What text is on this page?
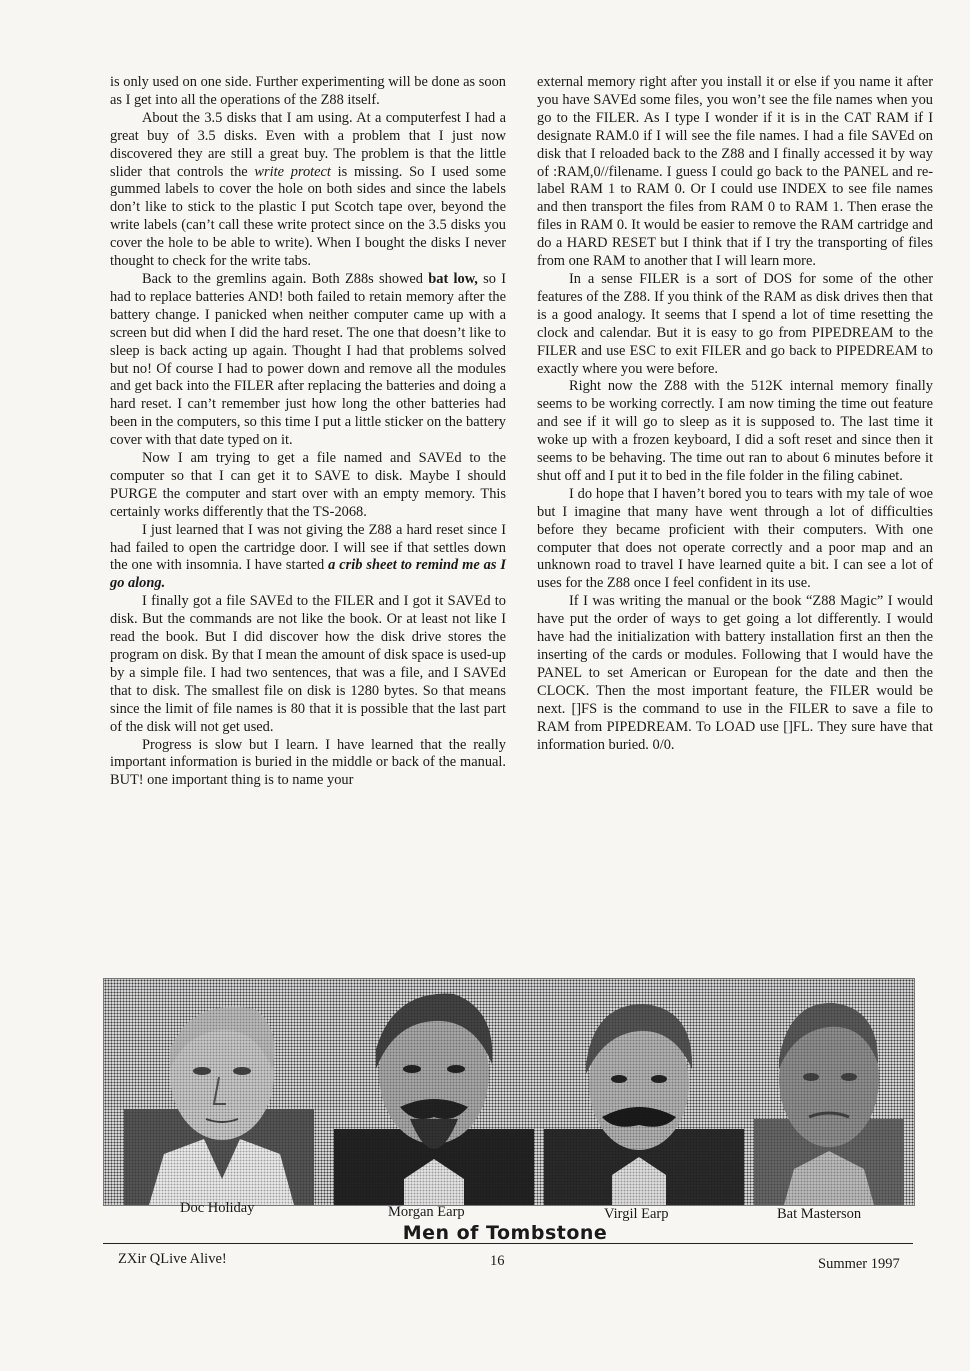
is only used on one side. Further experimenting will be done as soon as I get into all the operations of the Z88 itself.

About the 3.5 disks that I am using. At a computerfest I had a great buy of 3.5 disks. Even with a problem that I just now discovered they are still a great buy. The problem is that the little slider that controls the write protect is missing. So I used some gummed labels to cover the hole on both sides and since the labels don’t like to stick to the plastic I put Scotch tape over, beyond the write labels (can’t call these write protect since on the 3.5 disks you cover the hole to be able to write). When I bought the disks I never thought to check for the write tabs.

Back to the gremlins again. Both Z88s showed bat low, so I had to replace batteries AND! both failed to retain memory after the battery change. I panicked when neither computer came up with a screen but did when I did the hard reset. The one that doesn’t like to sleep is back acting up again. Thought I had that problems solved but no! Of course I had to power down and remove all the modules and get back into the FILER after replacing the batteries and doing a hard reset. I can’t remember just how long the other batteries had been in the computers, so this time I put a little sticker on the battery cover with that date typed on it.

Now I am trying to get a file named and SAVEd to the computer so that I can get it to SAVE to disk. Maybe I should PURGE the computer and start over with an empty memory. This certainly works differently that the TS-2068.

I just learned that I was not giving the Z88 a hard reset since I had failed to open the cartridge door. I will see if that settles down the one with insomnia. I have started a crib sheet to remind me as I go along.

I finally got a file SAVEd to the FILER and I got it SAVEd to disk. But the commands are not like the book. Or at least not like I read the book. But I did discover how the disk drive stores the program on disk. By that I mean the amount of disk space is used-up by a simple file. I had two sentences, that was a file, and I SAVEd that to disk. The smallest file on disk is 1280 bytes. So that means since the limit of file names is 80 that it is possible that the last part of the disk will not get used.

Progress is slow but I learn. I have learned that the really important information is buried in the middle or back of the manual. BUT! one important thing is to name your

external memory right after you install it or else if you name it after you have SAVEd some files, you won’t see the file names when you go to the FILER. As I type I wonder if it is in the CAT RAM if I designate RAM.0 if I will see the file names. I had a file SAVEd on disk that I reloaded back to the Z88 and I finally accessed it by way of :RAM,0//filename. I guess I could go back to the PANEL and re-label RAM 1 to RAM 0. Or I could use INDEX to see file names and then transport the files from RAM 0 to RAM 1. Then erase the files in RAM 0. It would be easier to remove the RAM cartridge and do a HARD RESET but I think that if I try the transporting of files from one RAM to another that I will learn more.

In a sense FILER is a sort of DOS for some of the other features of the Z88. If you think of the RAM as disk drives then that is a good analogy. It seems that I spend a lot of time resetting the clock and calendar. But it is easy to go from PIPEDREAM to the FILER and use ESC to exit FILER and go back to PIPEDREAM to exactly where you were before.

Right now the Z88 with the 512K internal memory finally seems to be working correctly. I am now timing the time out feature and see if it will go to sleep as it is supposed to. The last time it woke up with a frozen keyboard, I did a soft reset and since then it seems to be behaving. The time out ran to about 6 minutes before it shut off and I put it to bed in the file folder in the filing cabinet.

I do hope that I haven’t bored you to tears with my tale of woe but I imagine that many have went through a lot of difficulties before they became proficient with their computers. With one computer that does not operate correctly and a poor map and an unknown road to travel I have learned quite a bit. I can see a lot of uses for the Z88 once I feel confident in its use.

If I was writing the manual or the book “Z88 Magic” I would have put the order of ways to get going a lot differently. I would have had the initialization with battery installation first an then the inserting of the cards or modules. Following that I would have the PANEL to set American or European for the date and then the CLOCK. Then the most important feature, the FILER would be next. []FS is the command to use in the FILER to save a file to RAM from PIPEDREAM. To LOAD use []FL. They sure have that information buried. 0/0.

Doc Holiday	Morgan Earp	Virgil Earp	Bat Masterson
Men of Tombstone
ZXir QLive Alive!	16	Summer 1997
